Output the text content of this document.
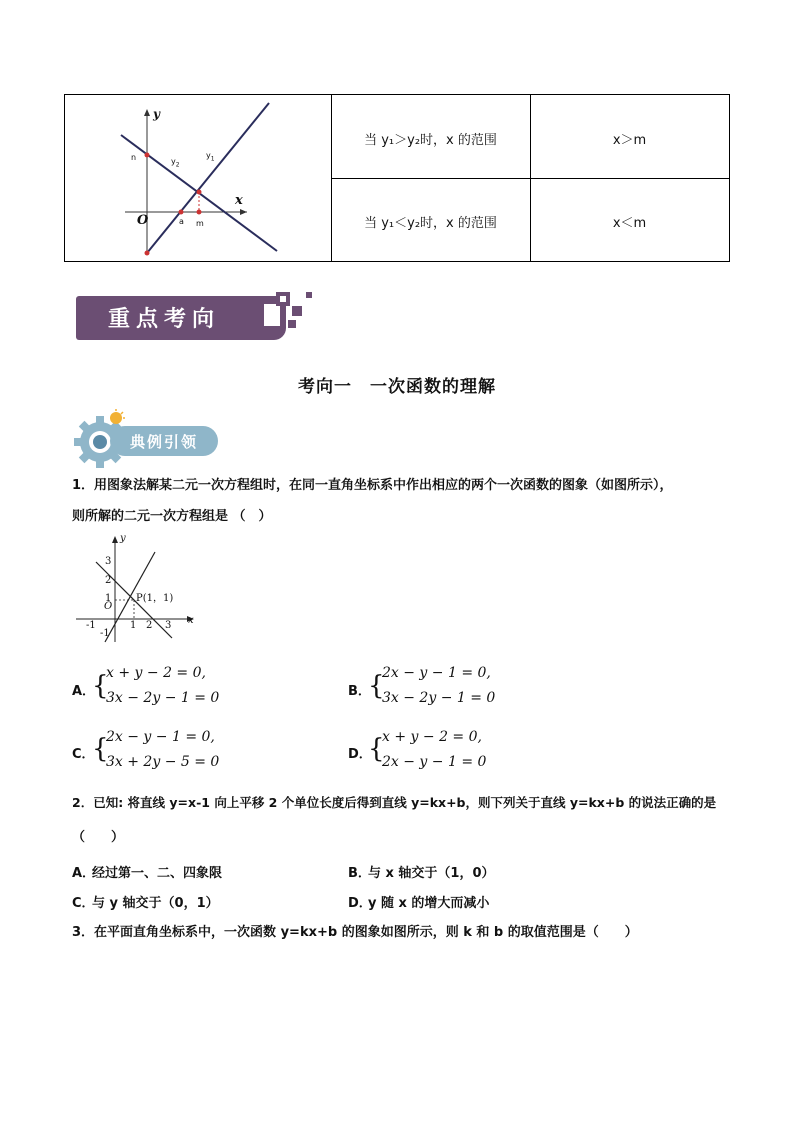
y
x
O
n
a m
$y_2$
$y_1$
当 y₁＞y₂时，x 的范围	x＞m
当 y₁＜y₂时，x 的范围	x＜m
重点考向
考向一　一次函数的理解
典例引领
1．用图象法解某二元一次方程组时，在同一直角坐标系中作出相应的两个一次函数的图象（如图所示），
则所解的二元一次方程组是 （　）
y
x
O
P(1，1)
-1	1 2 3
3
2
1
-1
A．
{
x + y − 2 = 0,
3x − 2y − 1 = 0	B．
{
2x − y − 1 = 0,
3x − 2y − 1 = 0
C．
{
2x − y − 1 = 0,
3x + 2y − 5 = 0	D．
{
x + y − 2 = 0,
2x − y − 1 = 0
2．已知: 将直线 y=x-1 向上平移 2 个单位长度后得到直线 y=kx+b，则下列关于直线 y=kx+b 的说法正确的是
（　　）
A．
经过第一、二、四象限	B．
与 x 轴交于（1，0）
C．
与 y 轴交于（0，1）	D．
y 随 x 的增大而减小
3．在平面直角坐标系中，一次函数 y=kx+b 的图象如图所示，则 k 和 b 的取值范围是（　　）
